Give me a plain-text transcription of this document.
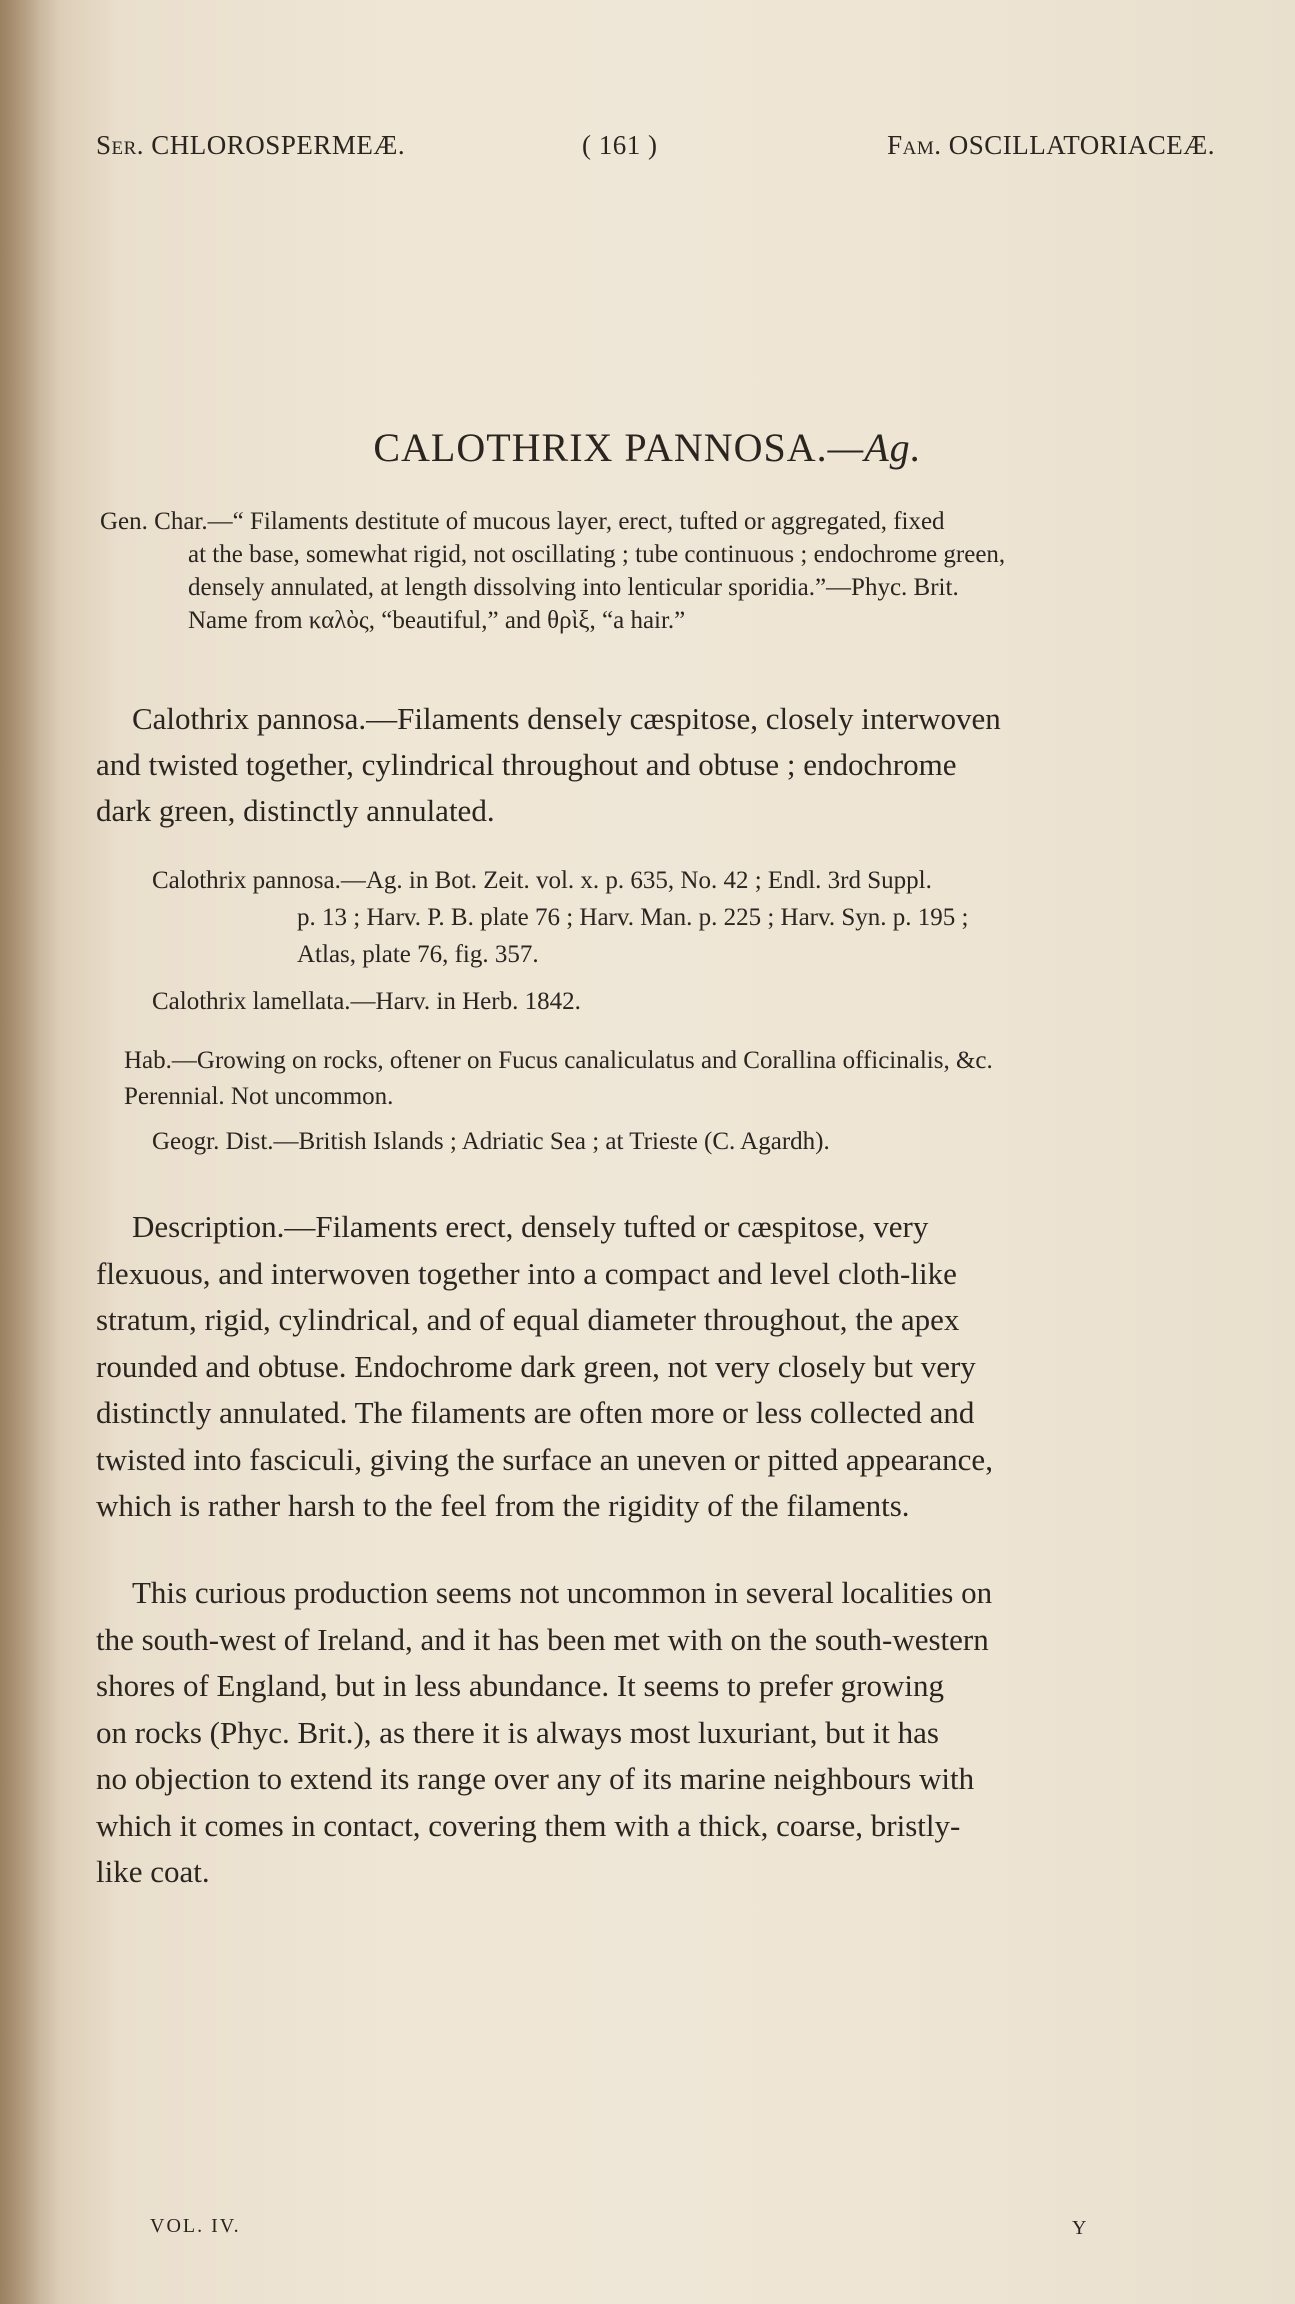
Ser. CHLOROSPERMEÆ.	( 161 )	Fam. OSCILLATORIACEÆ.
CALOTHRIX PANNOSA.—Ag.
Gen. Char.—“ Filaments destitute of mucous layer, erect, tufted or aggregated, fixed
at the base, somewhat rigid, not oscillating ; tube continuous ; endochrome green,
densely annulated, at length dissolving into lenticular sporidia.”—Phyc. Brit.
Name from καλὸς, “beautiful,” and θρὶξ, “a hair.”
Calothrix pannosa.—Filaments densely cæspitose, closely interwoven
and twisted together, cylindrical throughout and obtuse ; endochrome
dark green, distinctly annulated.
Calothrix pannosa.—Ag. in Bot. Zeit. vol. x. p. 635, No. 42 ; Endl. 3rd Suppl.
p. 13 ; Harv. P. B. plate 76 ; Harv. Man. p. 225 ; Harv. Syn. p. 195 ;
Atlas, plate 76, fig. 357.
Calothrix lamellata.—Harv. in Herb. 1842.
Hab.—Growing on rocks, oftener on Fucus canaliculatus and Corallina officinalis, &c.
Perennial. Not uncommon.
Geogr. Dist.—British Islands ; Adriatic Sea ; at Trieste (C. Agardh).
Description.—Filaments erect, densely tufted or cæspitose, very
flexuous, and interwoven together into a compact and level cloth-like
stratum, rigid, cylindrical, and of equal diameter throughout, the apex
rounded and obtuse. Endochrome dark green, not very closely but very
distinctly annulated. The filaments are often more or less collected and
twisted into fasciculi, giving the surface an uneven or pitted appearance,
which is rather harsh to the feel from the rigidity of the filaments.
This curious production seems not uncommon in several localities on
the south-west of Ireland, and it has been met with on the south-western
shores of England, but in less abundance. It seems to prefer growing
on rocks (Phyc. Brit.), as there it is always most luxuriant, but it has
no objection to extend its range over any of its marine neighbours with
which it comes in contact, covering them with a thick, coarse, bristly-
like coat.
VOL. IV.	Y
